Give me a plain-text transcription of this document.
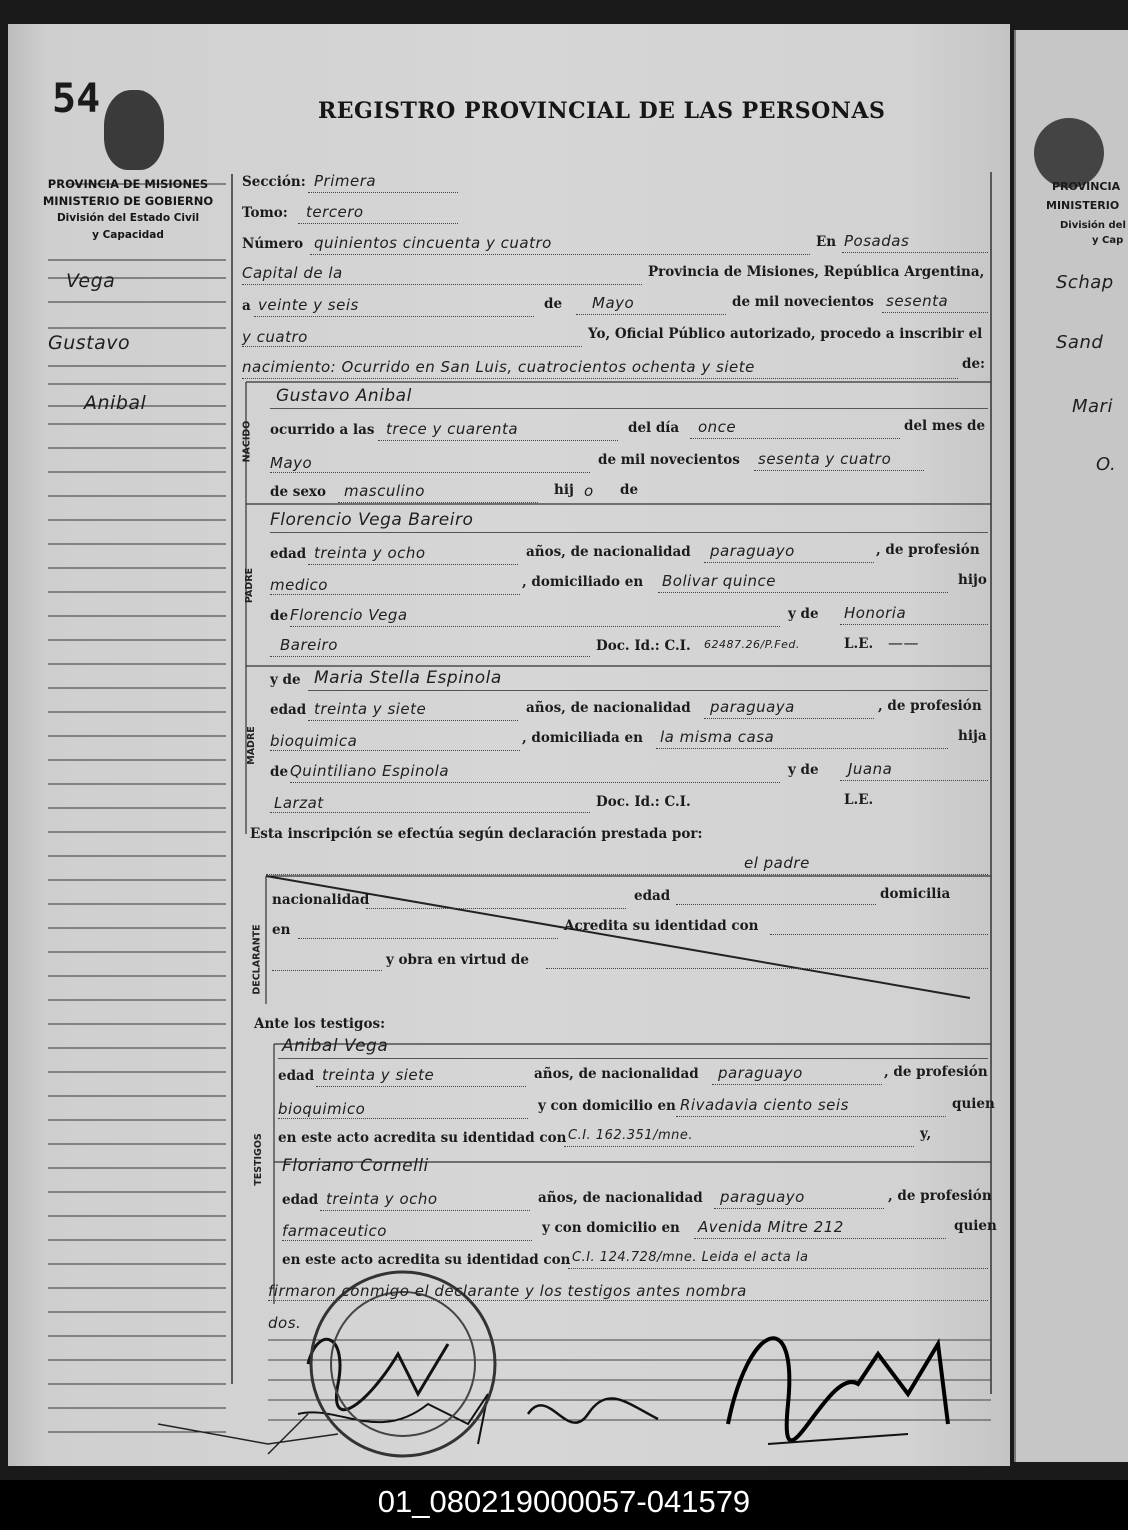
PROVINCIA
MINISTERIO
División del
y Cap
Schap
Sand
Mari
O.
54	REGISTRO PROVINCIAL DE LAS PERSONAS
PROVINCIA DE MISIONES
MINISTERIO DE GOBIERNO
División del Estado Civil
y Capacidad
Vega
Gustavo
Anibal
Sección: Primera
Tomo: tercero
Número quinientos cincuenta y cuatro	En Posadas
Capital de la	Provincia de Misiones, República Argentina,
a veinte y seis	de Mayo	de mil novecientos sesenta
y cuatro	Yo, Oficial Público autorizado, procedo a inscribir el
nacimiento: Ocurrido en San Luis, cuatrocientos ochenta y siete	de:
NACIDO
Gustavo Anibal
ocurrido a las trece y cuarenta	del día once	del mes de
Mayo	de mil novecientos sesenta y cuatro
de sexo masculino	hij o de
PADRE
Florencio Vega Bareiro
edad treinta y ocho	años, de nacionalidad paraguayo	, de profesión
medico	, domiciliado en Bolivar quince	hijo
de Florencio Vega	y de Honoria
Bareiro	Doc. Id.: C.I. 62487.26/P.Fed.	L.E. ——
MADRE
y de Maria Stella Espinola
edad treinta y siete	años, de nacionalidad paraguaya	, de profesión
bioquimica	, domiciliada en la misma casa	hija
de Quintiliano Espinola	y de Juana
Larzat	Doc. Id.: C.I.	L.E.
Esta inscripción se efectúa según declaración prestada por:
el padre
DECLARANTE
nacionalidad	edad	domicilia
en	Acredita su identidad con
y obra en virtud de
Ante los testigos:
TESTIGOS
Anibal Vega
edad treinta y siete	años, de nacionalidad paraguayo	, de profesión
bioquimico	y con domicilio en Rivadavia ciento seis	quien
en este acto acredita su identidad con C.I. 162.351/mne.	y,
Floriano Cornelli
edad treinta y ocho	años, de nacionalidad paraguayo	, de profesión
farmaceutico	y con domicilio en Avenida Mitre 212	quien
en este acto acredita su identidad con C.I. 124.728/mne. Leida el acta la
firmaron conmigo el declarante y los testigos antes nombra
dos.
01_080219000057-041579
